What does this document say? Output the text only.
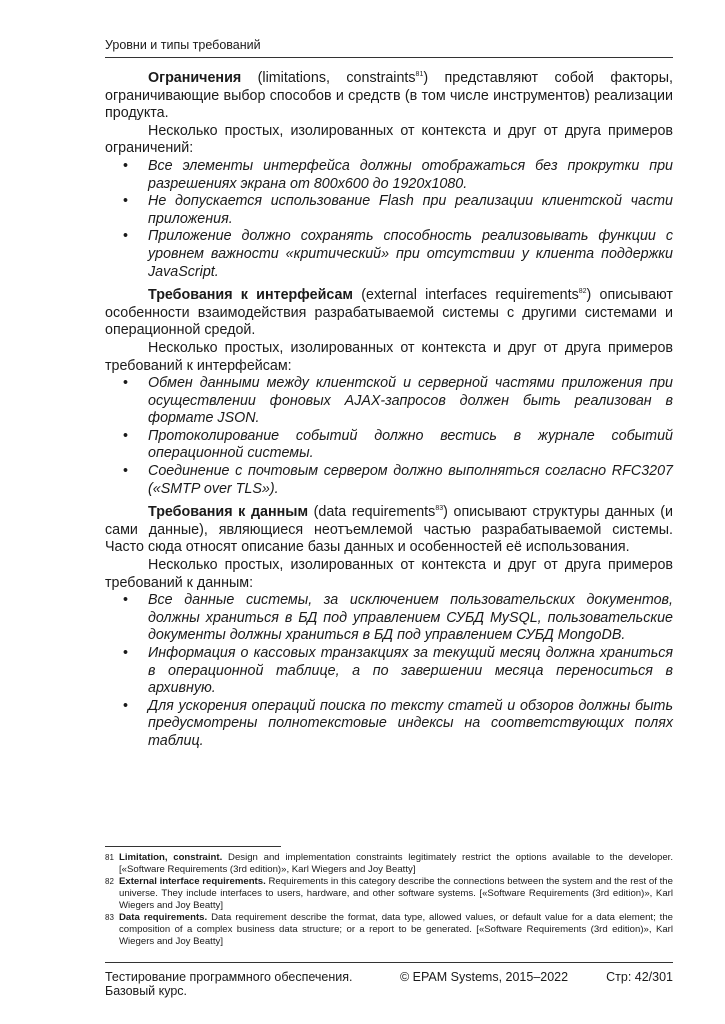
Уровни и типы требований

Ограничения (limitations, constraints$^{81}$) представляют собой факторы, ограничивающие выбор способов и средств (в том числе инструментов) реализации продукта.

Несколько простых, изолированных от контекста и друг от друга примеров ограничений:

• Все элементы интерфейса должны отображаться без прокрутки при разрешениях экрана от 800x600 до 1920x1080.
• Не допускается использование Flash при реализации клиентской части приложения.
• Приложение должно сохранять способность реализовывать функции с уровнем важности «критический» при отсутствии у клиента поддержки JavaScript.

Требования к интерфейсам (external interfaces requirements$^{82}$) описывают особенности взаимодействия разрабатываемой системы с другими системами и операционной средой.

Несколько простых, изолированных от контекста и друг от друга примеров требований к интерфейсам:

• Обмен данными между клиентской и серверной частями приложения при осуществлении фоновых AJAX-запросов должен быть реализован в формате JSON.
• Протоколирование событий должно вестись в журнале событий операционной системы.
• Соединение с почтовым сервером должно выполняться согласно RFC3207 («SMTP over TLS»).

Требования к данным (data requirements$^{83}$) описывают структуры данных (и сами данные), являющиеся неотъемлемой частью разрабатываемой системы. Часто сюда относят описание базы данных и особенностей её использования.

Несколько простых, изолированных от контекста и друг от друга примеров требований к данным:

• Все данные системы, за исключением пользовательских документов, должны храниться в БД под управлением СУБД MySQL, пользовательские документы должны храниться в БД под управлением СУБД MongoDB.
• Информация о кассовых транзакциях за текущий месяц должна храниться в операционной таблице, а по завершении месяца переноситься в архивную.
• Для ускорения операций поиска по тексту статей и обзоров должны быть предусмотрены полнотекстовые индексы на соответствующих полях таблиц.

81 Limitation, constraint. Design and implementation constraints legitimately restrict the options available to the developer. [«Software Requirements (3rd edition)», Karl Wiegers and Joy Beatty]

82 External interface requirements. Requirements in this category describe the connections between the system and the rest of the universe. They include interfaces to users, hardware, and other software systems. [«Software Requirements (3rd edition)», Karl Wiegers and Joy Beatty]

83 Data requirements. Data requirement describe the format, data type, allowed values, or default value for a data element; the composition of a complex business data structure; or a report to be generated. [«Software Requirements (3rd edition)», Karl Wiegers and Joy Beatty]

Тестирование программного обеспечения. Базовый курс.
© EPAM Systems, 2015–2022	Стр: 42/301
